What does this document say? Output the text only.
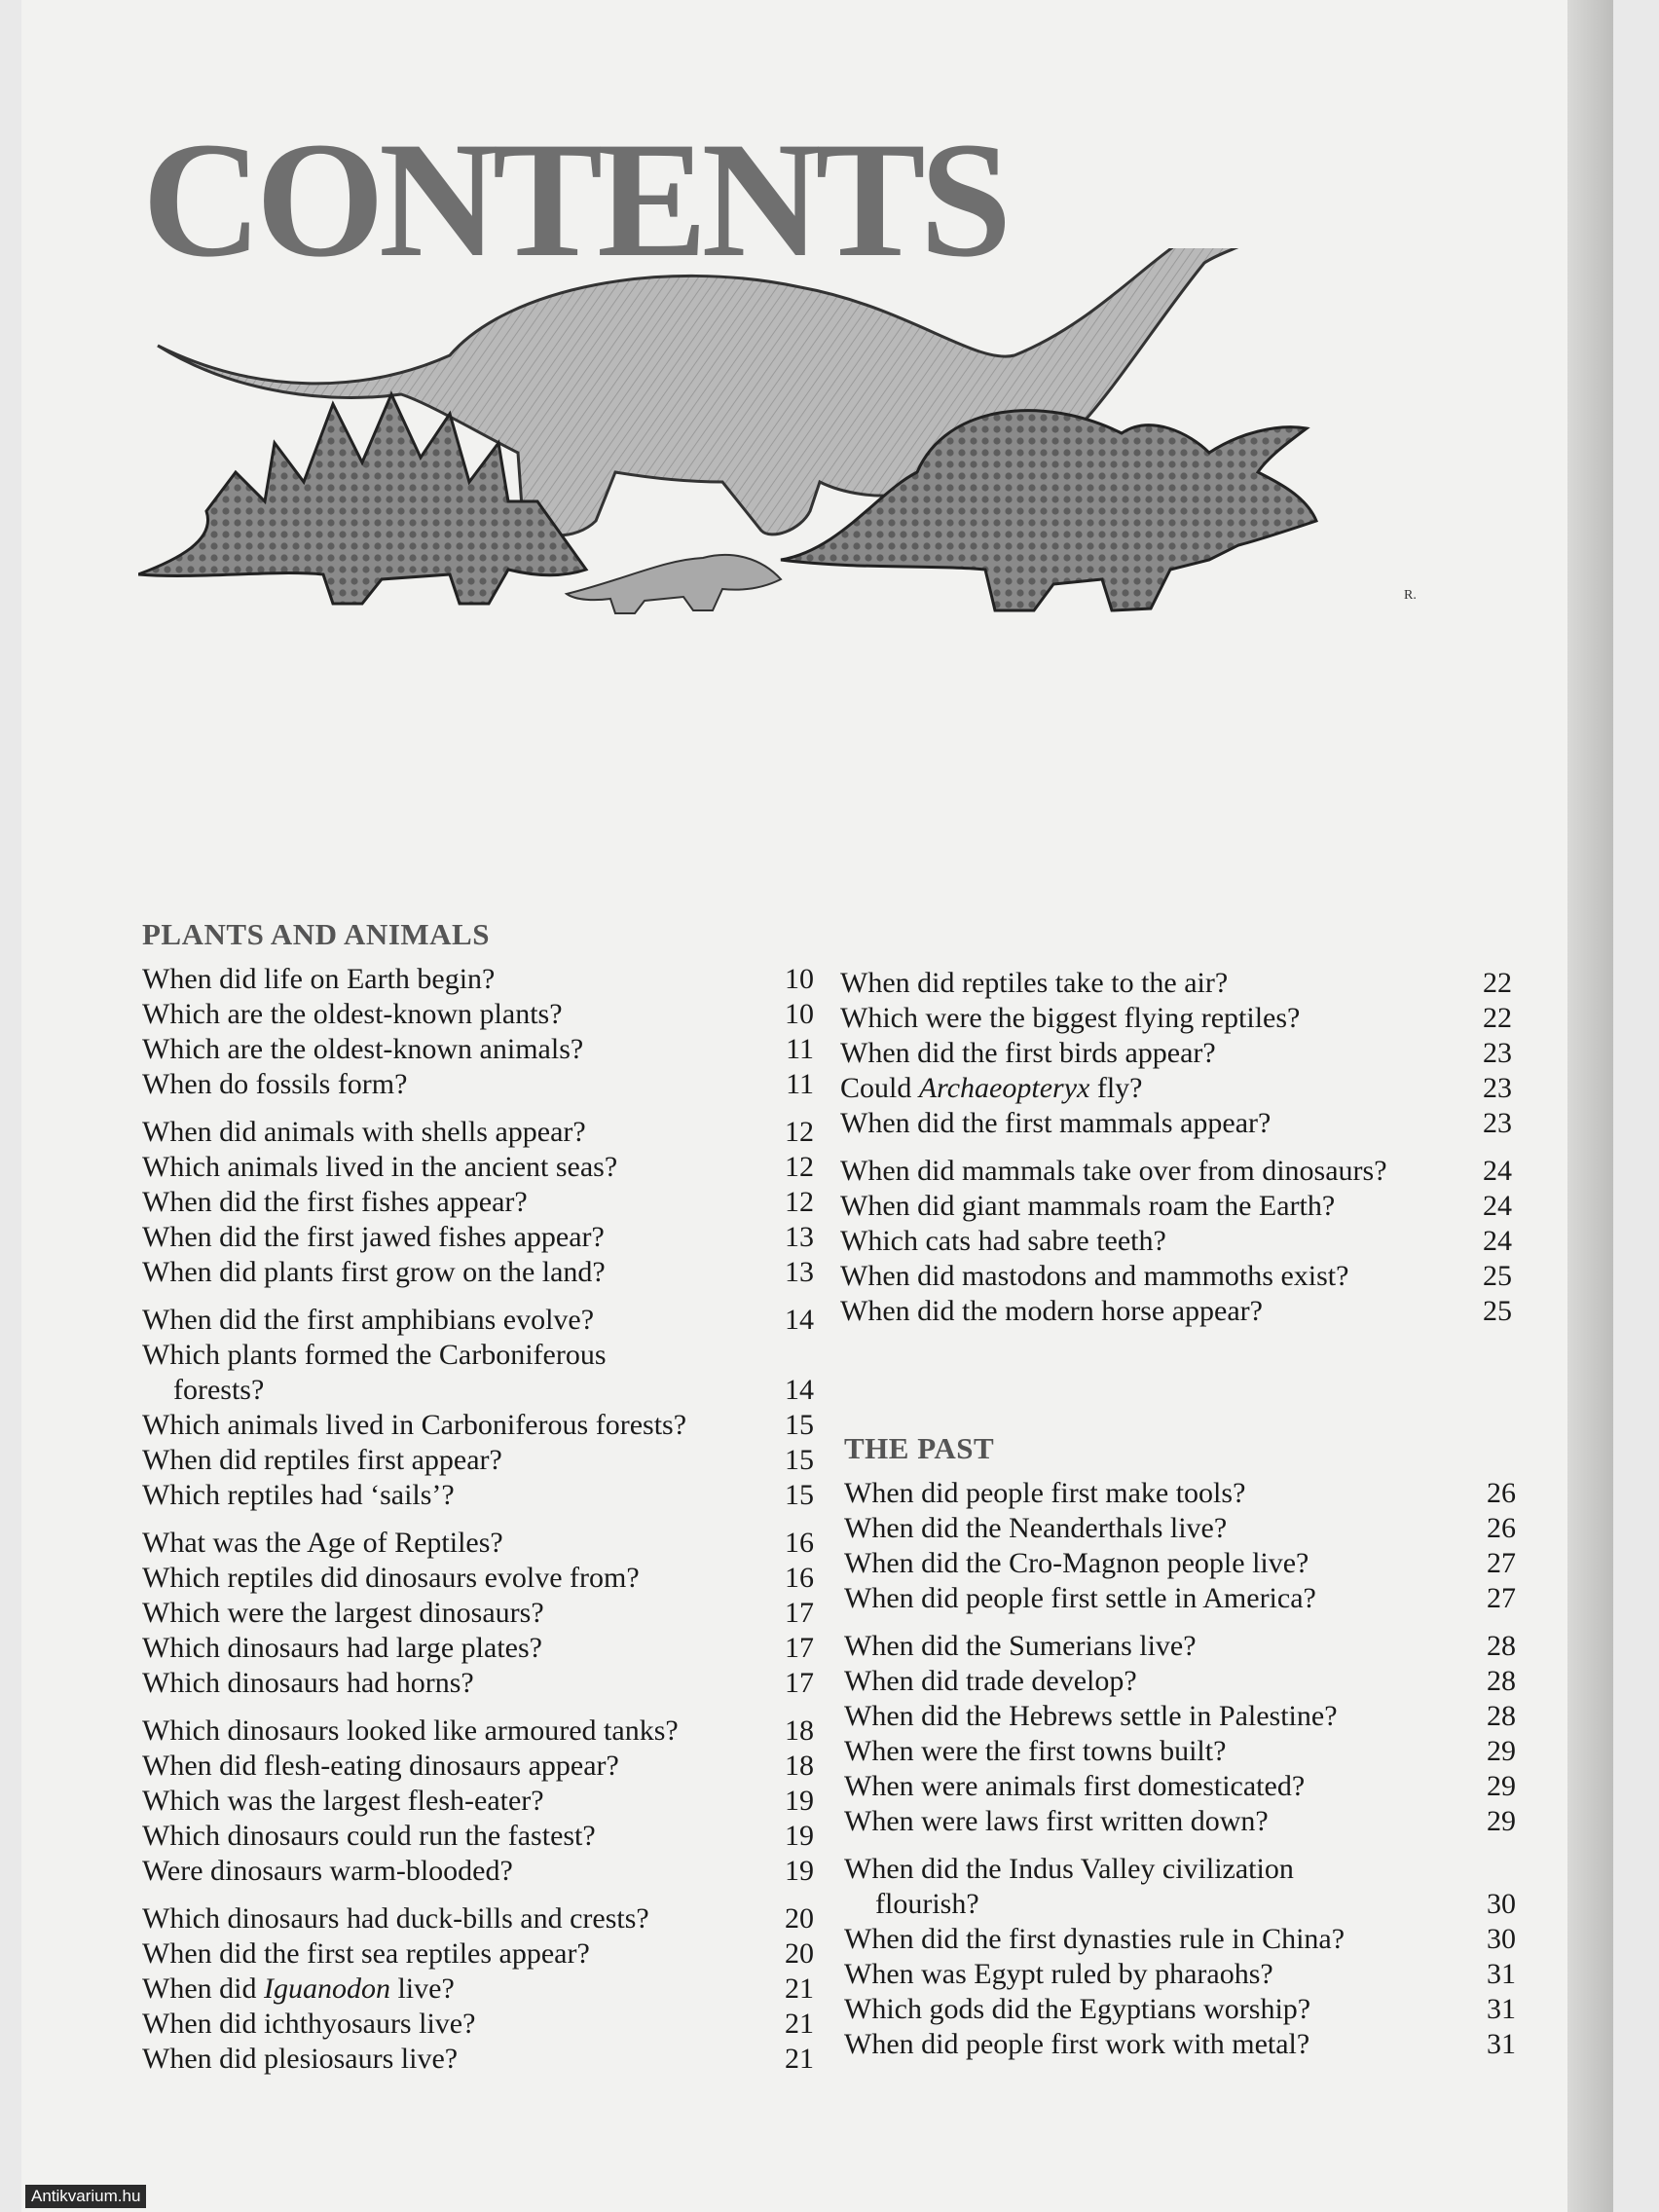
CONTENTS
R.
PLANTS AND ANIMALS
When did life on Earth begin?	10
Which are the oldest-known plants?	10
Which are the oldest-known animals?	11
When do fossils form?	11
When did animals with shells appear?	12
Which animals lived in the ancient seas?	12
When did the first fishes appear?	12
When did the first jawed fishes appear?	13
When did plants first grow on the land?	13
When did the first amphibians evolve?	14
Which plants formed the Carboniferous
forests?	14
Which animals lived in Carboniferous forests?	15
When did reptiles first appear?	15
Which reptiles had ‘sails’?	15
What was the Age of Reptiles?	16
Which reptiles did dinosaurs evolve from?	16
Which were the largest dinosaurs?	17
Which dinosaurs had large plates?	17
Which dinosaurs had horns?	17
Which dinosaurs looked like armoured tanks?	18
When did flesh-eating dinosaurs appear?	18
Which was the largest flesh-eater?	19
Which dinosaurs could run the fastest?	19
Were dinosaurs warm-blooded?	19
Which dinosaurs had duck-bills and crests?	20
When did the first sea reptiles appear?	20
When did Iguanodon live?	21
When did ichthyosaurs live?	21
When did plesiosaurs live?	21
When did reptiles take to the air?	22
Which were the biggest flying reptiles?	22
When did the first birds appear?	23
Could Archaeopteryx fly?	23
When did the first mammals appear?	23
When did mammals take over from dinosaurs?	24
When did giant mammals roam the Earth?	24
Which cats had sabre teeth?	24
When did mastodons and mammoths exist?	25
When did the modern horse appear?	25
THE PAST
When did people first make tools?	26
When did the Neanderthals live?	26
When did the Cro-Magnon people live?	27
When did people first settle in America?	27
When did the Sumerians live?	28
When did trade develop?	28
When did the Hebrews settle in Palestine?	28
When were the first towns built?	29
When were animals first domesticated?	29
When were laws first written down?	29
When did the Indus Valley civilization
flourish?	30
When did the first dynasties rule in China?	30
When was Egypt ruled by pharaohs?	31
Which gods did the Egyptians worship?	31
When did people first work with metal?	31
Antikvarium.hu
